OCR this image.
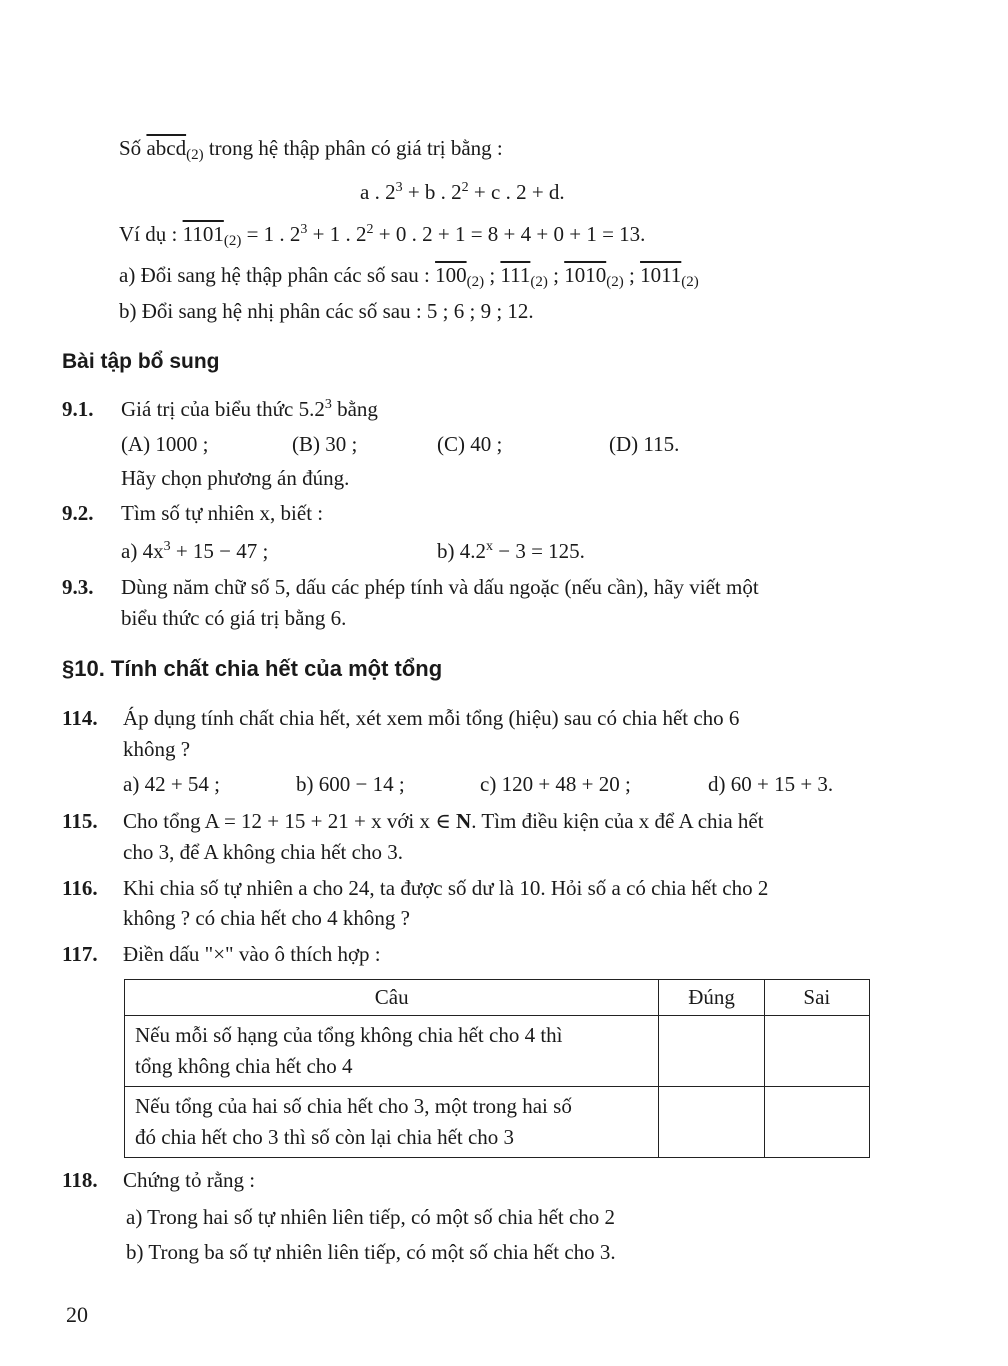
Số abcd$_{(2)}$ trong hệ thập phân có giá trị bằng :
a . $2^3 + b$ . $2^2 + c$ . 2 + d.
Ví dụ : $1101_{(2)} = 1$ . $2^3 + 1$ . $2^2 + 0$ . 2 + 1 = 8 + 4 + 0 + 1 = 13.
a) Đổi sang hệ thập phân các số sau : $100_{(2)}$ ; $111_{(2)}$ ; $1010_{(2)}$ ; $1011_{(2)}$
b) Đổi sang hệ nhị phân các số sau : 5 ; 6 ; 9 ; 12.
Bài tập bổ sung
9.1. Giá trị của biểu thức $5.2^3$ bằng
(A) 1000 ;	(B) 30 ;	(C) 40 ;	(D) 115.
Hãy chọn phương án đúng.
9.2. Tìm số tự nhiên x, biết :
a) $4x^3 + 15 - 47$ ;	b) $4.2^x - 3 = 125$.
9.3. Dùng năm chữ số 5, dấu các phép tính và dấu ngoặc (nếu cần), hãy viết một
biểu thức có giá trị bằng 6.
§10. Tính chất chia hết của một tổng
114. Áp dụng tính chất chia hết, xét xem mỗi tổng (hiệu) sau có chia hết cho 6
không ?
a) 42 + 54 ;	b) 600 − 14 ;	c) 120 + 48 + 20 ;	d) 60 + 15 + 3.
115. Cho tổng A = 12 + 15 + 21 + x với x ∈ N. Tìm điều kiện của x để A chia hết
cho 3, để A không chia hết cho 3.
116. Khi chia số tự nhiên a cho 24, ta được số dư là 10. Hỏi số a có chia hết cho 2
không ? có chia hết cho 4 không ?
117. Điền dấu "×" vào ô thích hợp :
Câu	Đúng	Sai

Nếu mỗi số hạng của tổng không chia hết cho 4 thì
tổng không chia hết cho 4		

Nếu tổng của hai số chia hết cho 3, một trong hai số
đó chia hết cho 3 thì số còn lại chia hết cho 3		

118. Chứng tỏ rằng :
a) Trong hai số tự nhiên liên tiếp, có một số chia hết cho 2
b) Trong ba số tự nhiên liên tiếp, có một số chia hết cho 3.
20
